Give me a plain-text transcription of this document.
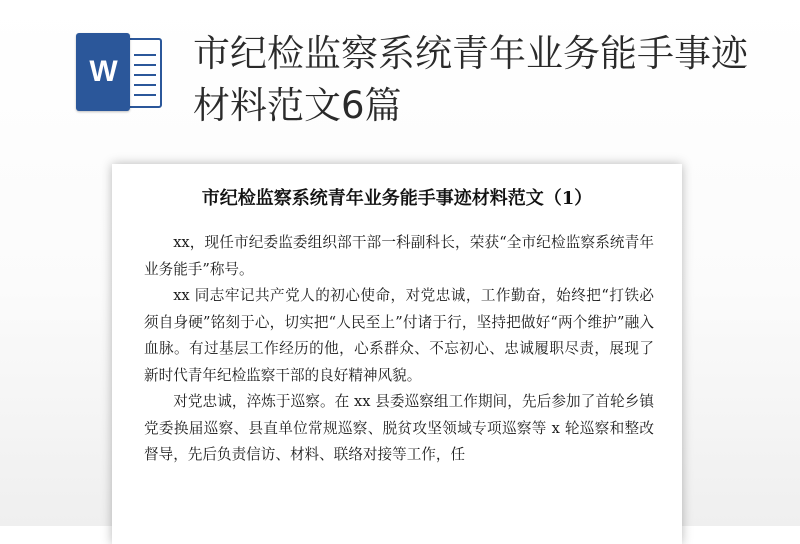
W 市纪检监察系统青年业务能手事迹材料范文6篇
市纪检监察系统青年业务能手事迹材料范文（1）

xx，现任市纪委监委组织部干部一科副科长，荣获“全市纪检监察系统青年业务能手”称号。

xx 同志牢记共产党人的初心使命，对党忠诚，工作勤奋，始终把“打铁必须自身硬”铭刻于心，切实把“人民至上”付诸于行，坚持把做好“两个维护”融入血脉。有过基层工作经历的他，心系群众、不忘初心、忠诚履职尽责，展现了新时代青年纪检监察干部的良好精神风貌。

对党忠诚，淬炼于巡察。在 xx 县委巡察组工作期间，先后参加了首轮乡镇党委换届巡察、县直单位常规巡察、脱贫攻坚领域专项巡察等 x 轮巡察和整改督导，先后负责信访、材料、联络对接等工作，任
